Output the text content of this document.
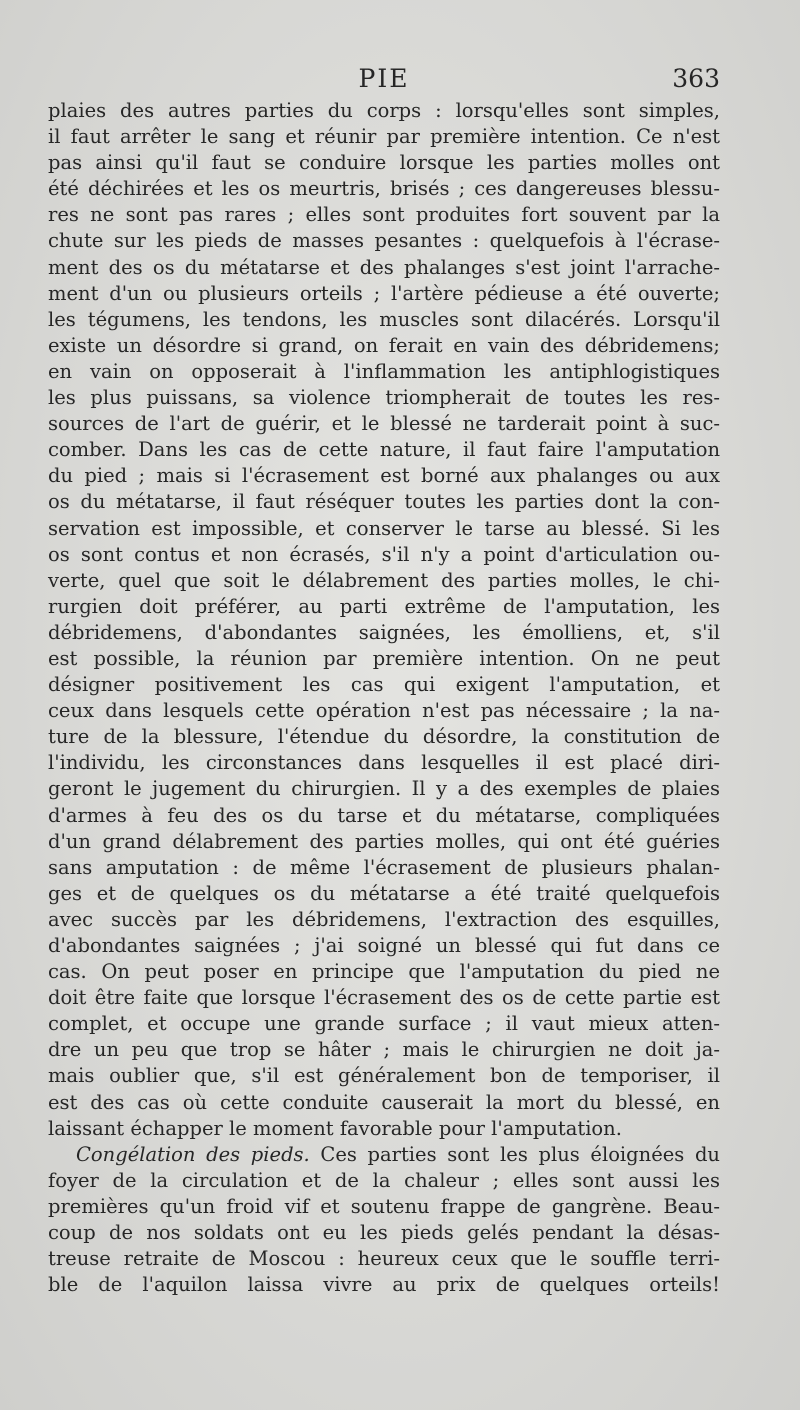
PIE	363
plaies des autres parties du corps : lorsqu'elles sont simples,
il faut arrêter le sang et réunir par première intention. Ce n'est
pas ainsi qu'il faut se conduire lorsque les parties molles ont
été déchirées et les os meurtris, brisés ; ces dangereuses blessu-
res ne sont pas rares ; elles sont produites fort souvent par la
chute sur les pieds de masses pesantes : quelquefois à l'écrase-
ment des os du métatarse et des phalanges s'est joint l'arrache-
ment d'un ou plusieurs orteils ; l'artère pédieuse a été ouverte;
les tégumens, les tendons, les muscles sont dilacérés. Lorsqu'il
existe un désordre si grand, on ferait en vain des débridemens;
en vain on opposerait à l'inflammation les antiphlogistiques
les plus puissans, sa violence triompherait de toutes les res-
sources de l'art de guérir, et le blessé ne tarderait point à suc-
comber. Dans les cas de cette nature, il faut faire l'amputation
du pied ; mais si l'écrasement est borné aux phalanges ou aux
os du métatarse, il faut réséquer toutes les parties dont la con-
servation est impossible, et conserver le tarse au blessé. Si les
os sont contus et non écrasés, s'il n'y a point d'articulation ou-
verte, quel que soit le délabrement des parties molles, le chi-
rurgien doit préférer, au parti extrême de l'amputation, les
débridemens, d'abondantes saignées, les émolliens, et, s'il
est possible, la réunion par première intention. On ne peut
désigner positivement les cas qui exigent l'amputation, et
ceux dans lesquels cette opération n'est pas nécessaire ; la na-
ture de la blessure, l'étendue du désordre, la constitution de
l'individu, les circonstances dans lesquelles il est placé diri-
geront le jugement du chirurgien. Il y a des exemples de plaies
d'armes à feu des os du tarse et du métatarse, compliquées
d'un grand délabrement des parties molles, qui ont été guéries
sans amputation : de même l'écrasement de plusieurs phalan-
ges et de quelques os du métatarse a été traité quelquefois
avec succès par les débridemens, l'extraction des esquilles,
d'abondantes saignées ; j'ai soigné un blessé qui fut dans ce
cas. On peut poser en principe que l'amputation du pied ne
doit être faite que lorsque l'écrasement des os de cette partie est
complet, et occupe une grande surface ; il vaut mieux atten-
dre un peu que trop se hâter ; mais le chirurgien ne doit ja-
mais oublier que, s'il est généralement bon de temporiser, il
est des cas où cette conduite causerait la mort du blessé, en
laissant échapper le moment favorable pour l'amputation.
Congélation des pieds. Ces parties sont les plus éloignées du
foyer de la circulation et de la chaleur ; elles sont aussi les
premières qu'un froid vif et soutenu frappe de gangrène. Beau-
coup de nos soldats ont eu les pieds gelés pendant la désas-
treuse retraite de Moscou : heureux ceux que le souffle terri-
ble de l'aquilon laissa vivre au prix de quelques orteils!
